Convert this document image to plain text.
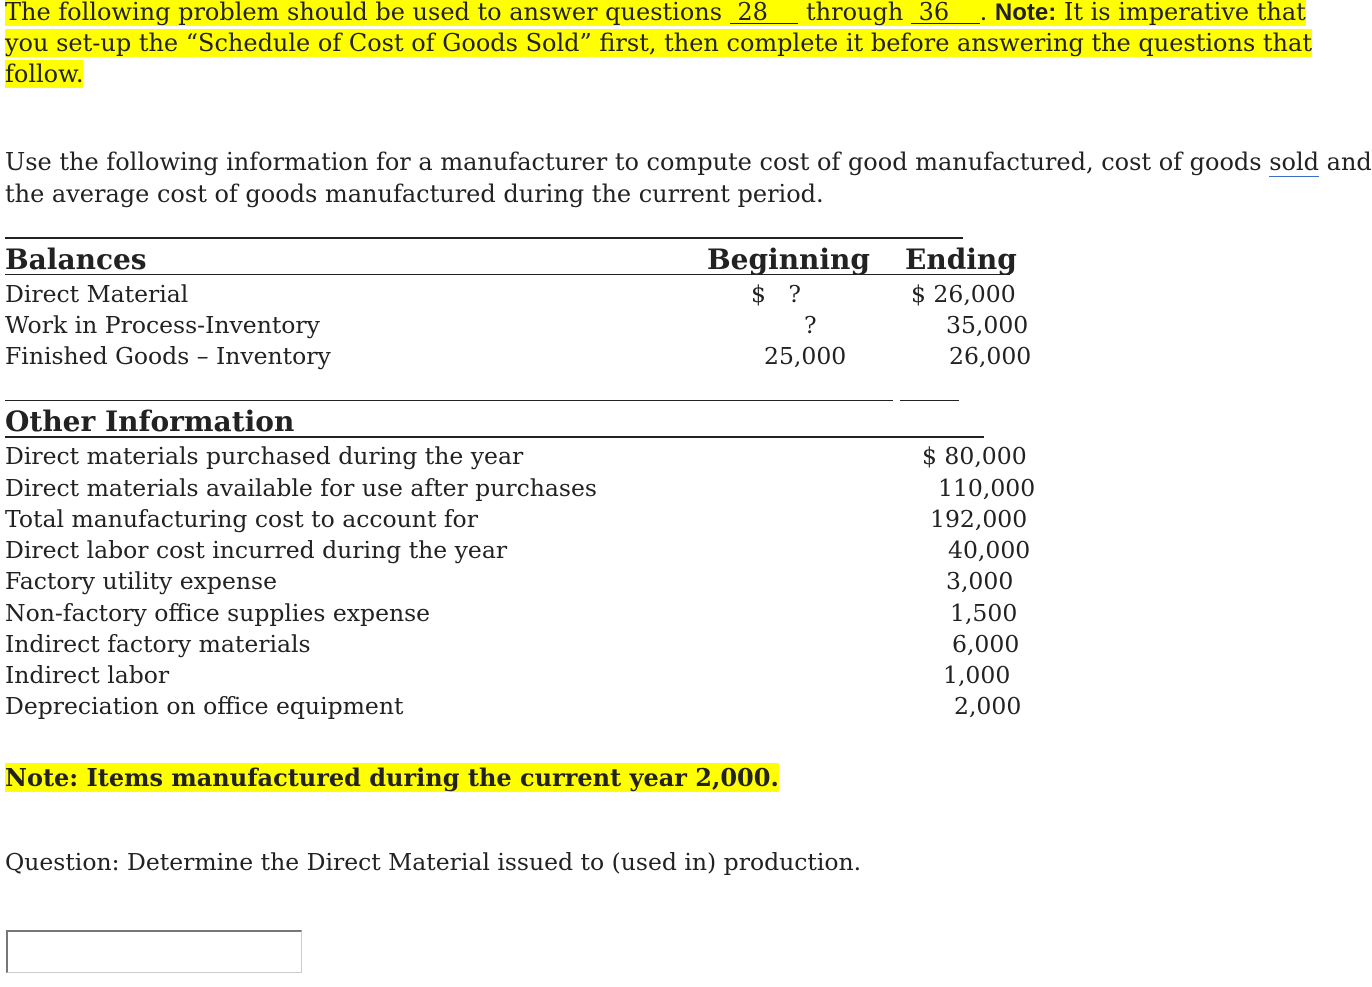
The following problem should be used to answer questions  28     through  36 . Note: It is imperative that
you set-up the “Schedule of Cost of Goods Sold” first, then complete it before answering the questions that
follow.
Use the following information for a manufacturer to compute cost of good manufactured, cost of goods sold and
the average cost of goods manufactured during the current period.
Balances	Beginning Ending
Direct Material	$   ?	$ 26,000
Work in Process-Inventory	?	35,000
Finished Goods – Inventory	25,000	26,000
Other Information
Direct materials purchased during the year	$ 80,000
Direct materials available for use after purchases	110,000
Total manufacturing cost to account for	192,000
Direct labor cost incurred during the year	40,000
Factory utility expense	3,000
Non-factory office supplies expense	1,500
Indirect factory materials	6,000
Indirect labor	1,000
Depreciation on office equipment	2,000
Note: Items manufactured during the current year 2,000.
Question: Determine the Direct Material issued to (used in) production.
